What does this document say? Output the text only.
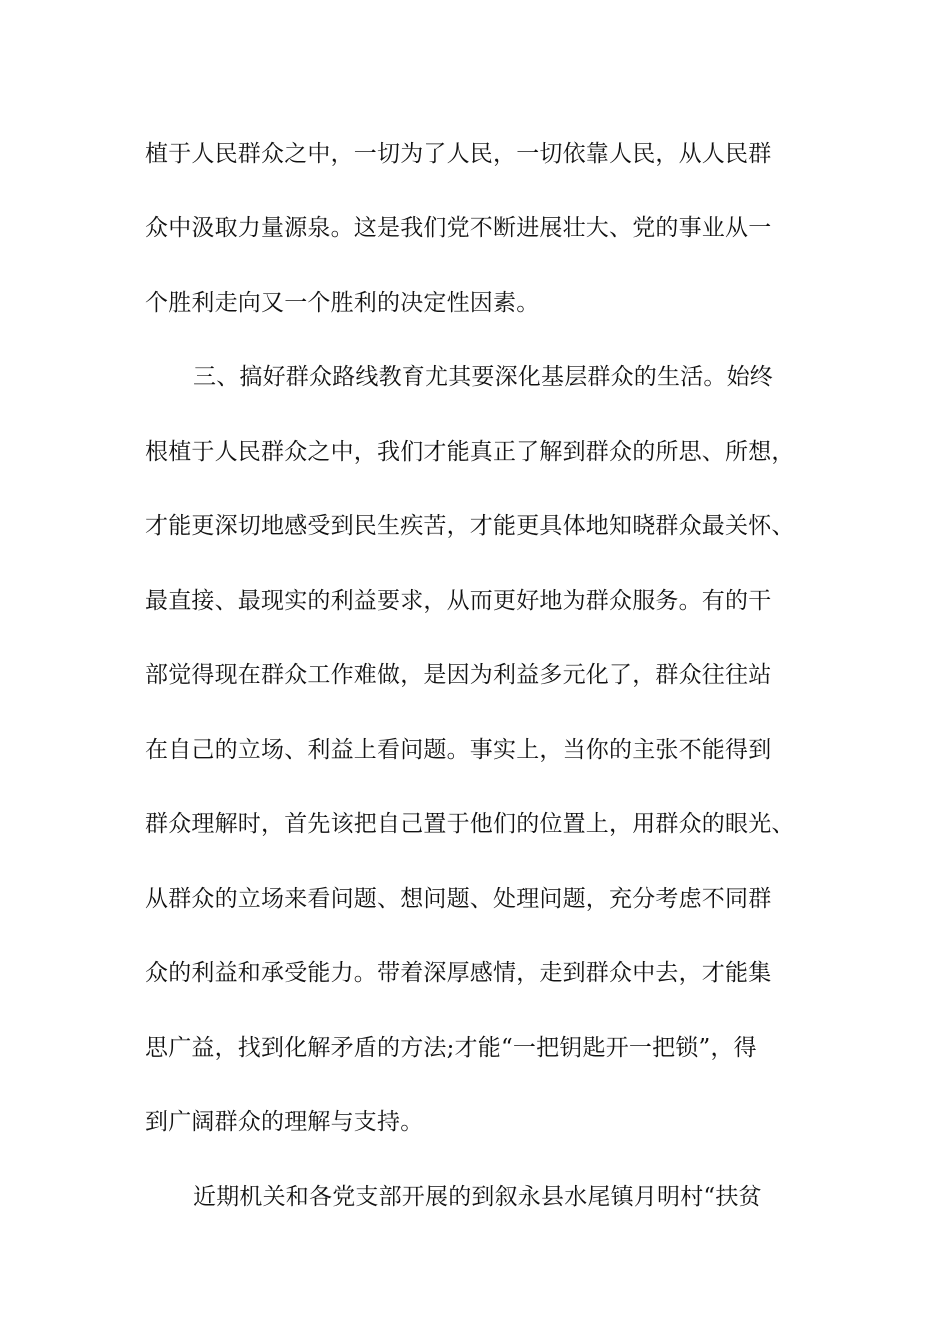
植于人民群众之中，一切为了人民，一切依靠人民，从人民群
众中汲取力量源泉。这是我们党不断进展壮大、党的事业从一
个胜利走向又一个胜利的决定性因素。
三、搞好群众路线教育尤其要深化基层群众的生活。始终
根植于人民群众之中，我们才能真正了解到群众的所思、所想，
才能更深切地感受到民生疾苦，才能更具体地知晓群众最关怀、
最直接、最现实的利益要求，从而更好地为群众服务。有的干
部觉得现在群众工作难做，是因为利益多元化了，群众往往站
在自己的立场、利益上看问题。事实上，当你的主张不能得到
群众理解时，首先该把自己置于他们的位置上，用群众的眼光、
从群众的立场来看问题、想问题、处理问题，充分考虑不同群
众的利益和承受能力。带着深厚感情，走到群众中去，才能集
思广益，找到化解矛盾的方法;才能“一把钥匙开一把锁”，得
到广阔群众的理解与支持。
近期机关和各党支部开展的到叙永县水尾镇月明村“扶贫
